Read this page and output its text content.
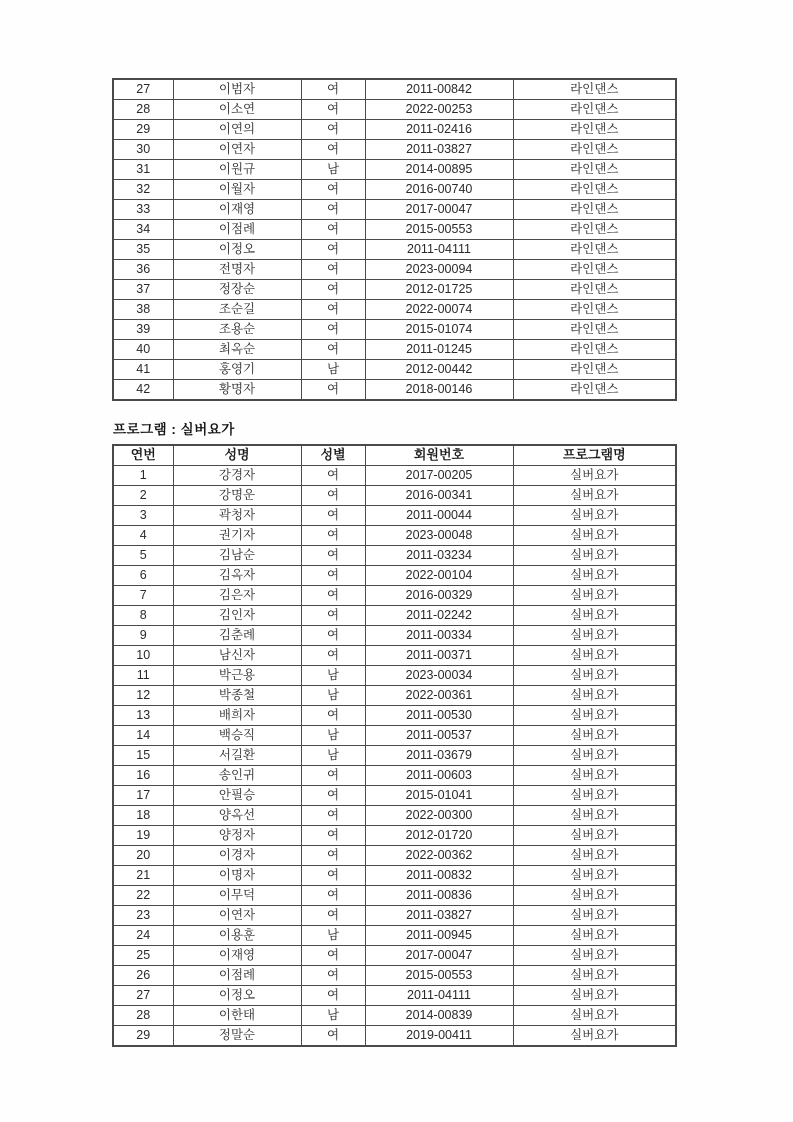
27	이범자	여	2011-00842	라인댄스
28	이소연	여	2022-00253	라인댄스
29	이연의	여	2011-02416	라인댄스
30	이연자	여	2011-03827	라인댄스
31	이원규	남	2014-00895	라인댄스
32	이월자	여	2016-00740	라인댄스
33	이재영	여	2017-00047	라인댄스
34	이점례	여	2015-00553	라인댄스
35	이정오	여	2011-04111	라인댄스
36	전명자	여	2023-00094	라인댄스
37	정장순	여	2012-01725	라인댄스
38	조순길	여	2022-00074	라인댄스
39	조용순	여	2015-01074	라인댄스
40	최옥순	여	2011-01245	라인댄스
41	홍영기	남	2012-00442	라인댄스
42	황명자	여	2018-00146	라인댄스
프로그램 : 실버요가
연번	성명	성별	회원번호	프로그램명
1	강경자	여	2017-00205	실버요가
2	강명운	여	2016-00341	실버요가
3	곽청자	여	2011-00044	실버요가
4	권기자	여	2023-00048	실버요가
5	김남순	여	2011-03234	실버요가
6	김옥자	여	2022-00104	실버요가
7	김은자	여	2016-00329	실버요가
8	김인자	여	2011-02242	실버요가
9	김춘례	여	2011-00334	실버요가
10	남신자	여	2011-00371	실버요가
11	박근용	남	2023-00034	실버요가
12	박종철	남	2022-00361	실버요가
13	배희자	여	2011-00530	실버요가
14	백승직	남	2011-00537	실버요가
15	서길환	남	2011-03679	실버요가
16	송인귀	여	2011-00603	실버요가
17	안필승	여	2015-01041	실버요가
18	양옥선	여	2022-00300	실버요가
19	양정자	여	2012-01720	실버요가
20	이경자	여	2022-00362	실버요가
21	이명자	여	2011-00832	실버요가
22	이무덕	여	2011-00836	실버요가
23	이연자	여	2011-03827	실버요가
24	이용훈	남	2011-00945	실버요가
25	이재영	여	2017-00047	실버요가
26	이점례	여	2015-00553	실버요가
27	이정오	여	2011-04111	실버요가
28	이한태	남	2014-00839	실버요가
29	정말순	여	2019-00411	실버요가
